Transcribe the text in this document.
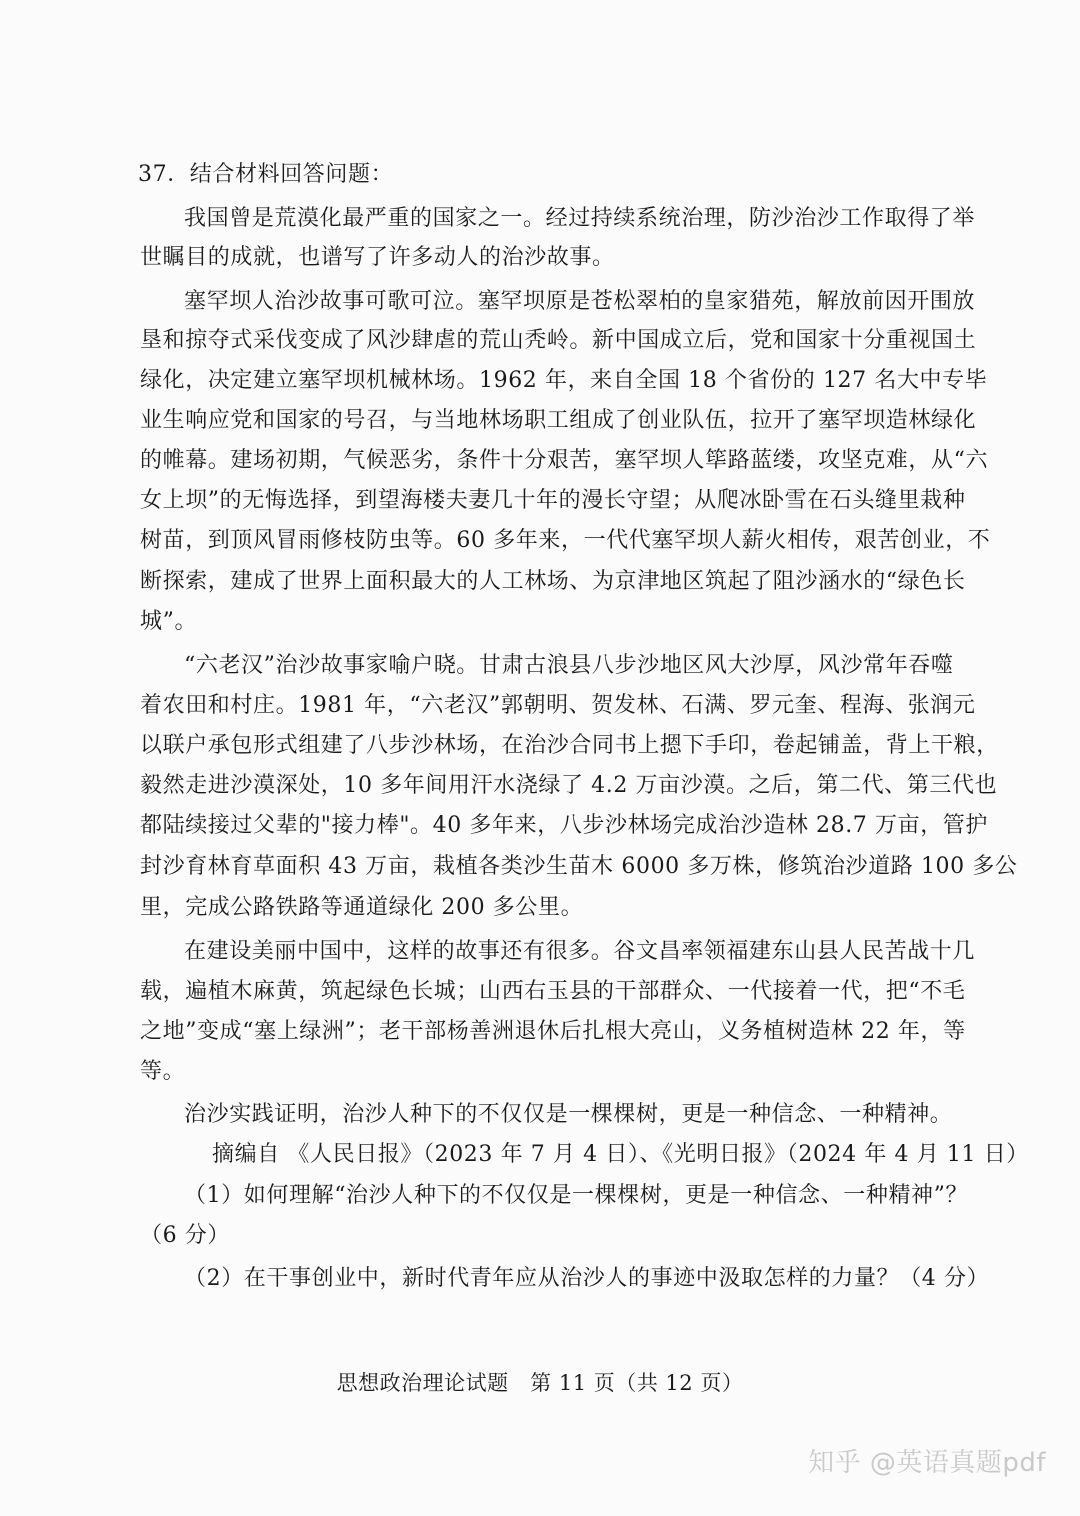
37．结合材料回答问题：
我国曾是荒漠化最严重的国家之一。经过持续系统治理，防沙治沙工作取得了举
世瞩目的成就，也谱写了许多动人的治沙故事。
塞罕坝人治沙故事可歌可泣。塞罕坝原是苍松翠柏的皇家猎苑，解放前因开围放
垦和掠夺式采伐变成了风沙肆虐的荒山秃岭。新中国成立后，党和国家十分重视国土
绿化，决定建立塞罕坝机械林场。1962 年，来自全国 18 个省份的 127 名大中专毕
业生响应党和国家的号召，与当地林场职工组成了创业队伍，拉开了塞罕坝造林绿化
的帷幕。建场初期，气候恶劣，条件十分艰苦，塞罕坝人筚路蓝缕，攻坚克难，从“六
女上坝”的无悔选择，到望海楼夫妻几十年的漫长守望；从爬冰卧雪在石头缝里栽种
树苗，到顶风冒雨修枝防虫等。60 多年来，一代代塞罕坝人薪火相传，艰苦创业，不
断探索，建成了世界上面积最大的人工林场、为京津地区筑起了阻沙涵水的“绿色长
城”。
“六老汉”治沙故事家喻户晓。甘肃古浪县八步沙地区风大沙厚，风沙常年吞噬
着农田和村庄。1981 年，“六老汉”郭朝明、贺发林、石满、罗元奎、程海、张润元
以联户承包形式组建了八步沙林场，在治沙合同书上摁下手印，卷起铺盖，背上干粮，
毅然走进沙漠深处，10 多年间用汗水浇绿了 4.2 万亩沙漠。之后，第二代、第三代也
都陆续接过父辈的"接力棒"。40 多年来，八步沙林场完成治沙造林 28.7 万亩，管护
封沙育林育草面积 43 万亩，栽植各类沙生苗木 6000 多万株，修筑治沙道路 100 多公
里，完成公路铁路等通道绿化 200 多公里。
在建设美丽中国中，这样的故事还有很多。谷文昌率领福建东山县人民苦战十几
载，遍植木麻黄，筑起绿色长城；山西右玉县的干部群众、一代接着一代，把“不毛
之地”变成“塞上绿洲”；老干部杨善洲退休后扎根大亮山，义务植树造林 22 年，等
等。
治沙实践证明，治沙人种下的不仅仅是一棵棵树，更是一种信念、一种精神。
摘编自 《人民日报》（2023 年 7 月 4 日）、《光明日报》（2024 年 4 月 11 日）
（1）如何理解“治沙人种下的不仅仅是一棵棵树，更是一种信念、一种精神”？
（6 分）
（2）在干事创业中，新时代青年应从治沙人的事迹中汲取怎样的力量？（4 分）
思想政治理论试题　第 11 页（共 12 页）
知乎 @英语真题pdf
